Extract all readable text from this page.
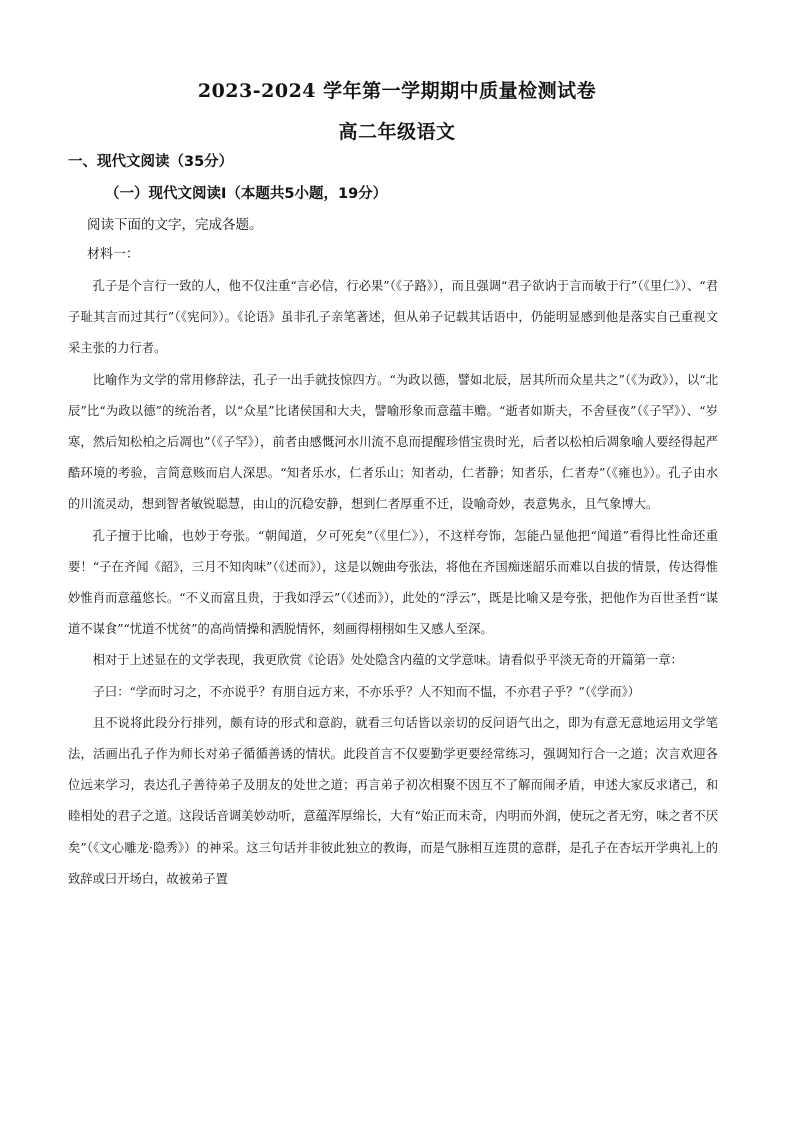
2023-2024 学年第一学期期中质量检测试卷
高二年级语文
一、现代文阅读（35分）
（一）现代文阅读Ⅰ（本题共5小题，19分）
阅读下面的文字，完成各题。
材料一：

孔子是个言行一致的人，他不仅注重“言必信，行必果”（《子路》），而且强调“君子欲讷于言而敏于行”（《里仁》）、“君子耻其言而过其行”（《宪问》）。《论语》虽非孔子亲笔著述，但从弟子记载其话语中，仍能明显感到他是落实自己重视文采主张的力行者。

比喻作为文学的常用修辞法，孔子一出手就技惊四方。“为政以德，譬如北辰，居其所而众星共之”（《为政》），以“北辰”比“为政以德”的统治者，以“众星”比诸侯国和大夫，譬喻形象而意蕴丰赡。“逝者如斯夫，不舍昼夜”（《子罕》）、“岁寒，然后知松柏之后凋也”（《子罕》），前者由感慨河水川流不息而提醒珍惜宝贵时光，后者以松柏后凋象喻人要经得起严酷环境的考验，言简意赅而启人深思。“知者乐水，仁者乐山；知者动，仁者静；知者乐，仁者寿”（《雍也》）。孔子由水的川流灵动，想到智者敏锐聪慧，由山的沉稳安静，想到仁者厚重不迁，设喻奇妙，表意隽永，且气象博大。

孔子擅于比喻，也妙于夸张。“朝闻道，夕可死矣”（《里仁》），不这样夸饰，怎能凸显他把“闻道”看得比性命还重要！“子在齐闻《韶》，三月不知肉味”（《述而》），这是以婉曲夸张法，将他在齐国痴迷韶乐而难以自拔的情景，传达得惟妙惟肖而意蕴悠长。“不义而富且贵，于我如浮云”（《述而》），此处的“浮云”，既是比喻又是夸张，把他作为百世圣哲“谋道不谋食”“忧道不忧贫”的高尚情操和洒脱情怀，刻画得栩栩如生又感人至深。

相对于上述显在的文学表现，我更欣赏《论语》处处隐含内蕴的文学意味。请看似乎平淡无奇的开篇第一章：

子曰：“学而时习之，不亦说乎？有朋自远方来，不亦乐乎？人不知而不愠，不亦君子乎？”（《学而》）

且不说将此段分行排列，颇有诗的形式和意韵，就看三句话皆以亲切的反问语气出之，即为有意无意地运用文学笔法，活画出孔子作为师长对弟子循循善诱的情状。此段首言不仅要勤学更要经常练习，强调知行合一之道；次言欢迎各位远来学习，表达孔子善待弟子及朋友的处世之道；再言弟子初次相聚不因互不了解而闹矛盾，申述大家反求诸己，和睦相处的君子之道。这段话音调美妙动听，意蕴浑厚绵长，大有“始正而末奇，内明而外润，使玩之者无穷，味之者不厌矣”（《文心雕龙·隐秀》）的神采。这三句话并非彼此独立的教诲，而是气脉相互连贯的意群，是孔子在杏坛开学典礼上的致辞或曰开场白，故被弟子置
